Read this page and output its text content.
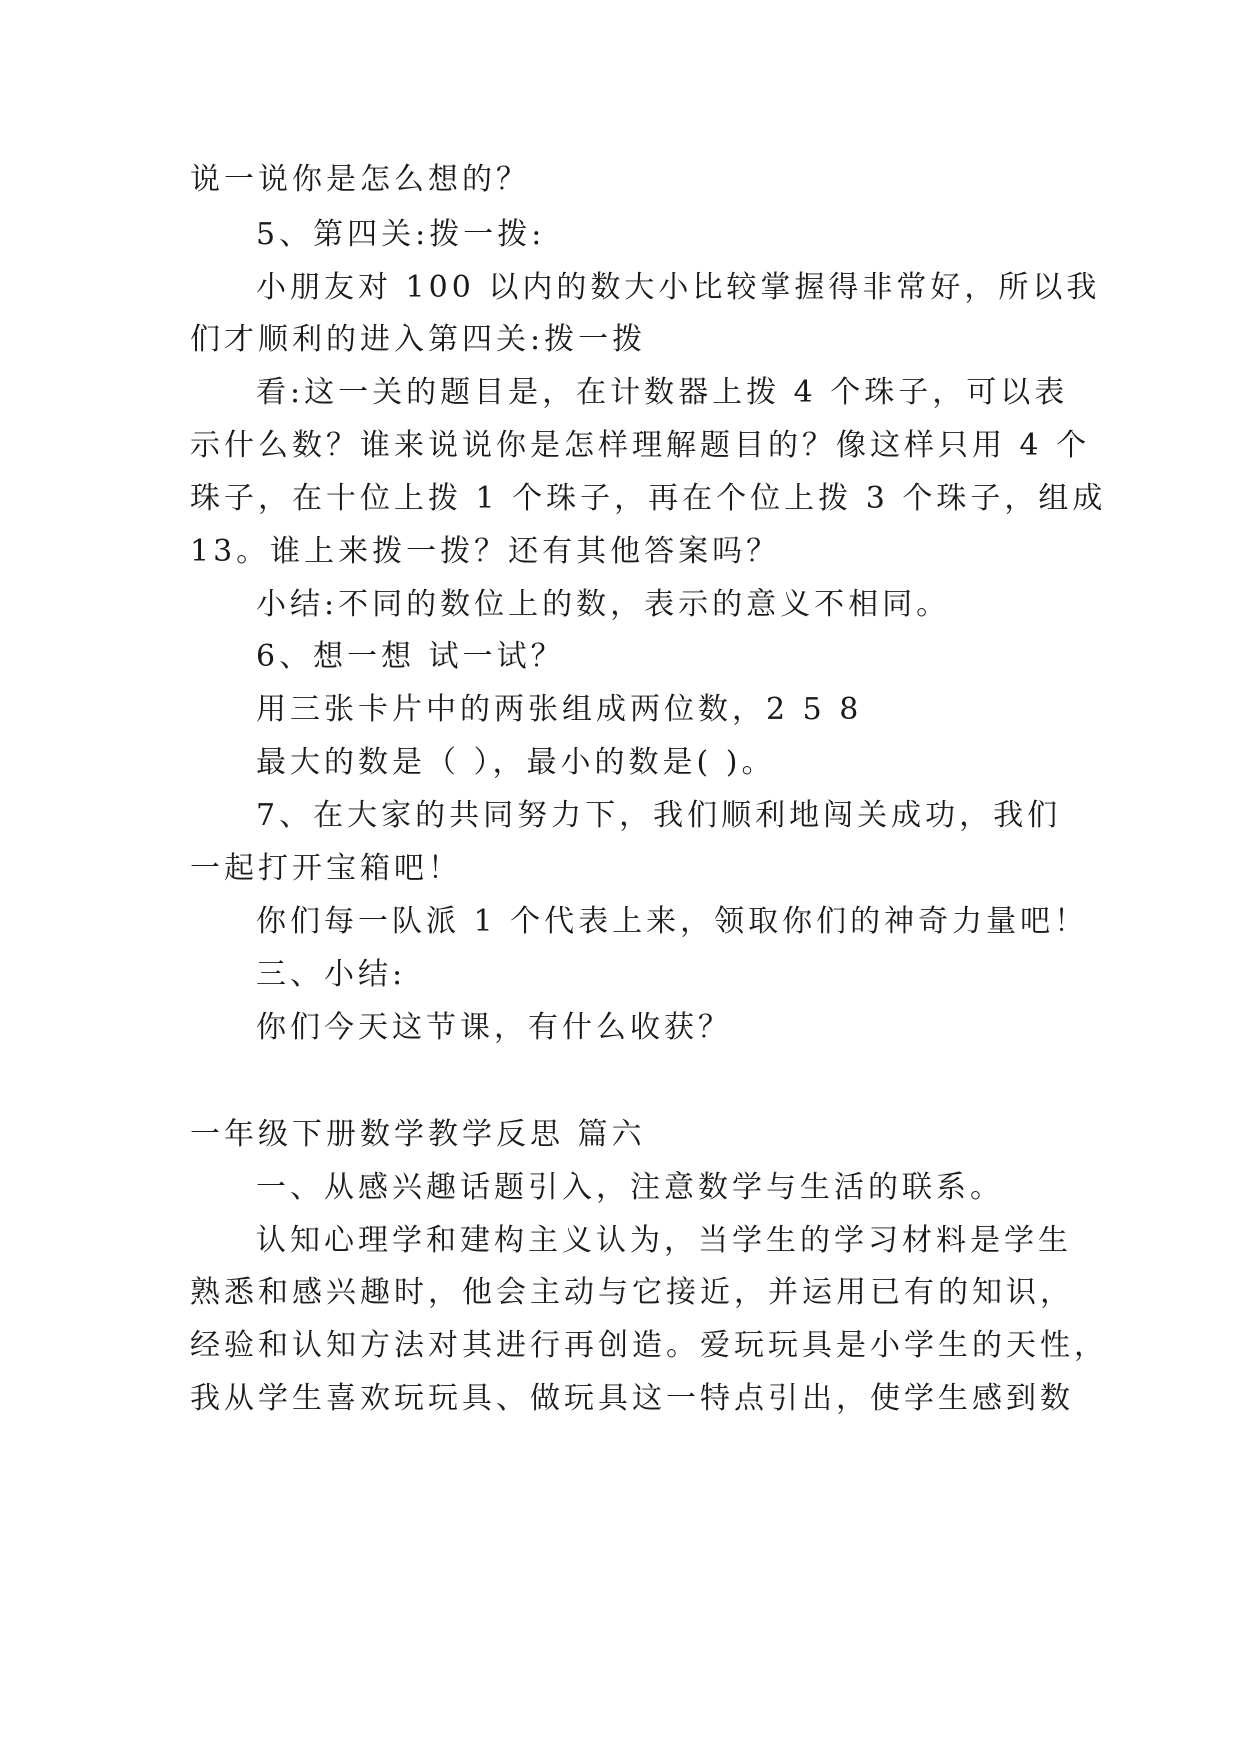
说一说你是怎么想的？
5、第四关:拨一拨:
小朋友对 100 以内的数大小比较掌握得非常好，所以我
们才顺利的进入第四关:拨一拨
看:这一关的题目是，在计数器上拨 4 个珠子，可以表
示什么数？谁来说说你是怎样理解题目的？像这样只用 4 个
珠子，在十位上拨 1 个珠子，再在个位上拨 3 个珠子，组成
13。谁上来拨一拨？还有其他答案吗？
小结:不同的数位上的数，表示的意义不相同。
6、想一想 试一试？
用三张卡片中的两张组成两位数，2 5 8
最大的数是（ ），最小的数是( )。
7、在大家的共同努力下，我们顺利地闯关成功，我们
一起打开宝箱吧！
你们每一队派 1 个代表上来，领取你们的神奇力量吧！
三、小结:
你们今天这节课，有什么收获？
一年级下册数学教学反思 篇六
一、从感兴趣话题引入，注意数学与生活的联系。
认知心理学和建构主义认为，当学生的学习材料是学生
熟悉和感兴趣时，他会主动与它接近，并运用已有的知识，
经验和认知方法对其进行再创造。爱玩玩具是小学生的天性，
我从学生喜欢玩玩具、做玩具这一特点引出，使学生感到数
